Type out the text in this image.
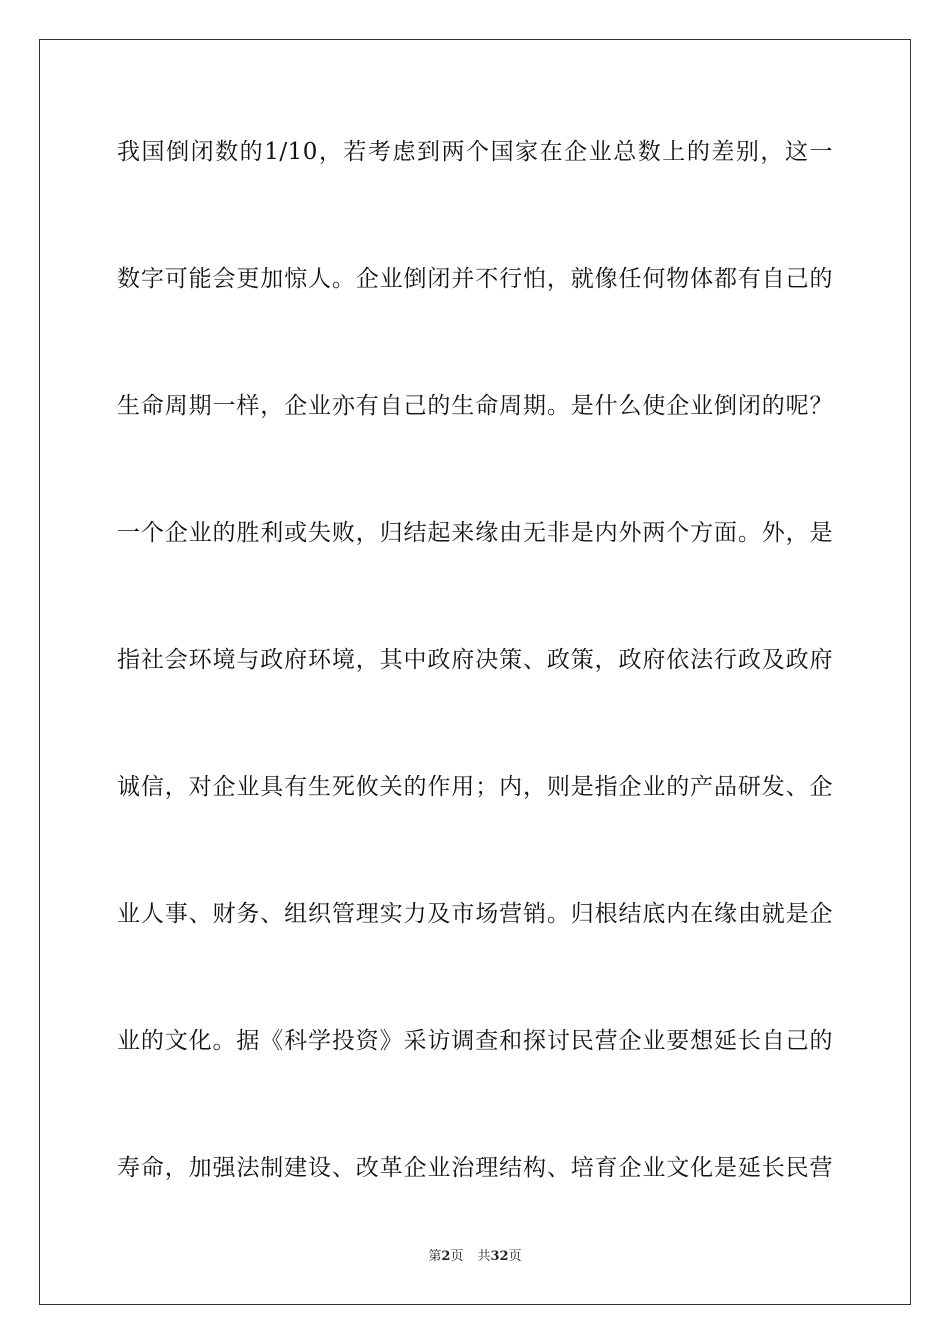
我国倒闭数的1/10，若考虑到两个国家在企业总数上的差别，这一
数字可能会更加惊人。企业倒闭并不行怕，就像任何物体都有自己的
生命周期一样，企业亦有自己的生命周期。是什么使企业倒闭的呢？
一个企业的胜利或失败，归结起来缘由无非是内外两个方面。外，是
指社会环境与政府环境，其中政府决策、政策，政府依法行政及政府
诚信，对企业具有生死攸关的作用；内，则是指企业的产品研发、企
业人事、财务、组织管理实力及市场营销。归根结底内在缘由就是企
业的文化。据《科学投资》采访调查和探讨民营企业要想延长自己的
寿命，加强法制建设、改革企业治理结构、培育企业文化是延长民营
第2页 共32页
